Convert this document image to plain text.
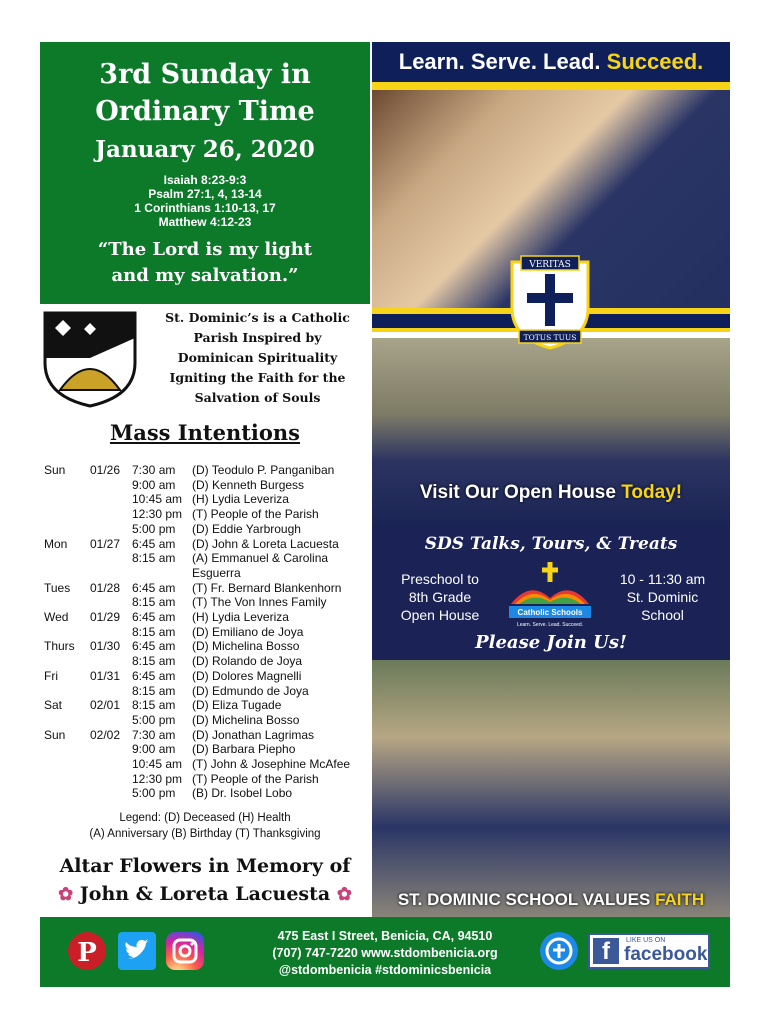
3rd Sunday in
Ordinary Time
January 26, 2020
Isaiah 8:23-9:3
Psalm 27:1, 4, 13-14
1 Corinthians 1:10-13, 17
Matthew 4:12-23
“The Lord is my light
and my salvation.”
St. Dominic’s is a Catholic
Parish Inspired by
Dominican Spirituality
Igniting the Faith for the
Salvation of Souls
Mass Intentions
Sun	01/26 7:30 am	(D) Teodulo P. Panganiban
9:00 am	(D) Kenneth Burgess
10:45 am (H) Lydia Leveriza
12:30 pm (T) People of the Parish
5:00 pm	(D) Eddie Yarbrough
Mon	01/27 6:45 am	(D) John & Loreta Lacuesta
8:15 am	(A) Emmanuel & Carolina
Esguerra
Tues	01/28 6:45 am	(T) Fr. Bernard Blankenhorn
8:15 am	(T) The Von Innes Family
Wed	01/29 6:45 am	(H) Lydia Leveriza
8:15 am	(D) Emiliano de Joya
Thurs	01/30 6:45 am	(D) Michelina Bosso
8:15 am	(D) Rolando de Joya
Fri	01/31 6:45 am	(D) Dolores Magnelli
8:15 am	(D) Edmundo de Joya
Sat	02/01 8:15 am	(D) Eliza Tugade
5:00 pm	(D) Michelina Bosso
Sun	02/02 7:30 am	(D) Jonathan Lagrimas
9:00 am	(D) Barbara Piepho
10:45 am (T) John & Josephine McAfee
12:30 pm (T) People of the Parish
5:00 pm	(B) Dr. Isobel Lobo
Legend: (D) Deceased (H) Health
(A) Anniversary (B) Birthday (T) Thanksgiving
Altar Flowers in Memory of
✿ John & Loreta Lacuesta ✿
Learn. Serve. Lead. Succeed.
VERITAS
TOTUS TUUS
Visit Our Open House Today!
SDS Talks, Tours, & Treats
Preschool to
8th Grade
Open House
10 - 11:30 am
St. Dominic
School
Catholic Schools
Learn. Serve. Lead. Succeed.
Please Join Us!
ST. DOMINIC SCHOOL VALUES FAITH
P
475 East I Street, Benicia, CA, 94510
(707) 747-7220 www.stdombenicia.org
@stdombenicia #stdominicsbenicia
f	LIKE US ON
facebook
